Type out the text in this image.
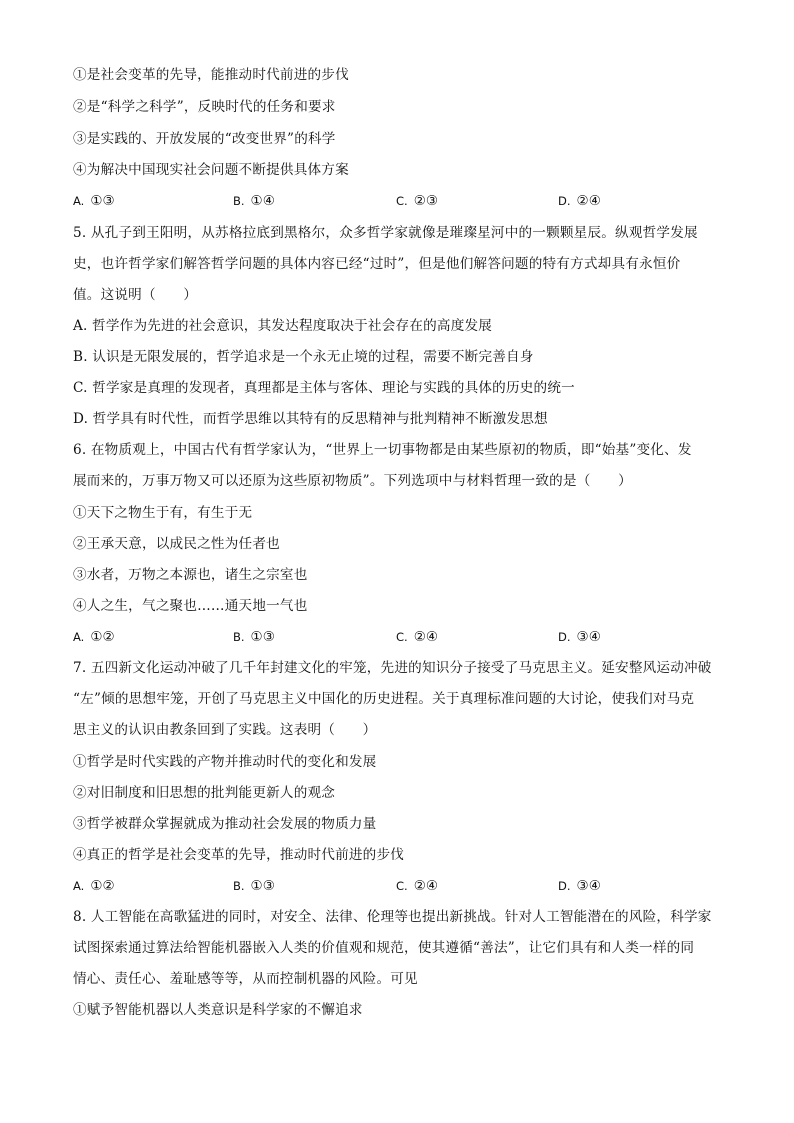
①是社会变革的先导，能推动时代前进的步伐
②是“科学之科学”，反映时代的任务和要求
③是实践的、开放发展的“改变世界”的科学
④为解决中国现实社会问题不断提供具体方案
A. ①③	B. ①④	C. ②③	D. ②④
5. 从孔子到王阳明，从苏格拉底到黑格尔，众多哲学家就像是璀璨星河中的一颗颗星辰。纵观哲学发展
史，也许哲学家们解答哲学问题的具体内容已经“过时”，但是他们解答问题的特有方式却具有永恒价
值。这说明（　　）
A. 哲学作为先进的社会意识，其发达程度取决于社会存在的高度发展
B. 认识是无限发展的，哲学追求是一个永无止境的过程，需要不断完善自身
C. 哲学家是真理的发现者，真理都是主体与客体、理论与实践的具体的历史的统一
D. 哲学具有时代性，而哲学思维以其特有的反思精神与批判精神不断激发思想
6. 在物质观上，中国古代有哲学家认为，“世界上一切事物都是由某些原初的物质，即“始基”变化、发
展而来的，万事万物又可以还原为这些原初物质”。下列选项中与材料哲理一致的是（　　）
①天下之物生于有，有生于无
②王承天意，以成民之性为任者也
③水者，万物之本源也，诸生之宗室也
④人之生，气之聚也……通天地一气也
A. ①②	B. ①③	C. ②④	D. ③④
7. 五四新文化运动冲破了几千年封建文化的牢笼，先进的知识分子接受了马克思主义。延安整风运动冲破
“左”倾的思想牢笼，开创了马克思主义中国化的历史进程。关于真理标准问题的大讨论，使我们对马克
思主义的认识由教条回到了实践。这表明（　　）
①哲学是时代实践的产物并推动时代的变化和发展
②对旧制度和旧思想的批判能更新人的观念
③哲学被群众掌握就成为推动社会发展的物质力量
④真正的哲学是社会变革的先导，推动时代前进的步伐
A. ①②	B. ①③	C. ②④	D. ③④
8. 人工智能在高歌猛进的同时，对安全、法律、伦理等也提出新挑战。针对人工智能潜在的风险，科学家
试图探索通过算法给智能机器嵌入人类的价值观和规范，使其遵循“善法”，让它们具有和人类一样的同
情心、责任心、羞耻感等等，从而控制机器的风险。可见
①赋予智能机器以人类意识是科学家的不懈追求
